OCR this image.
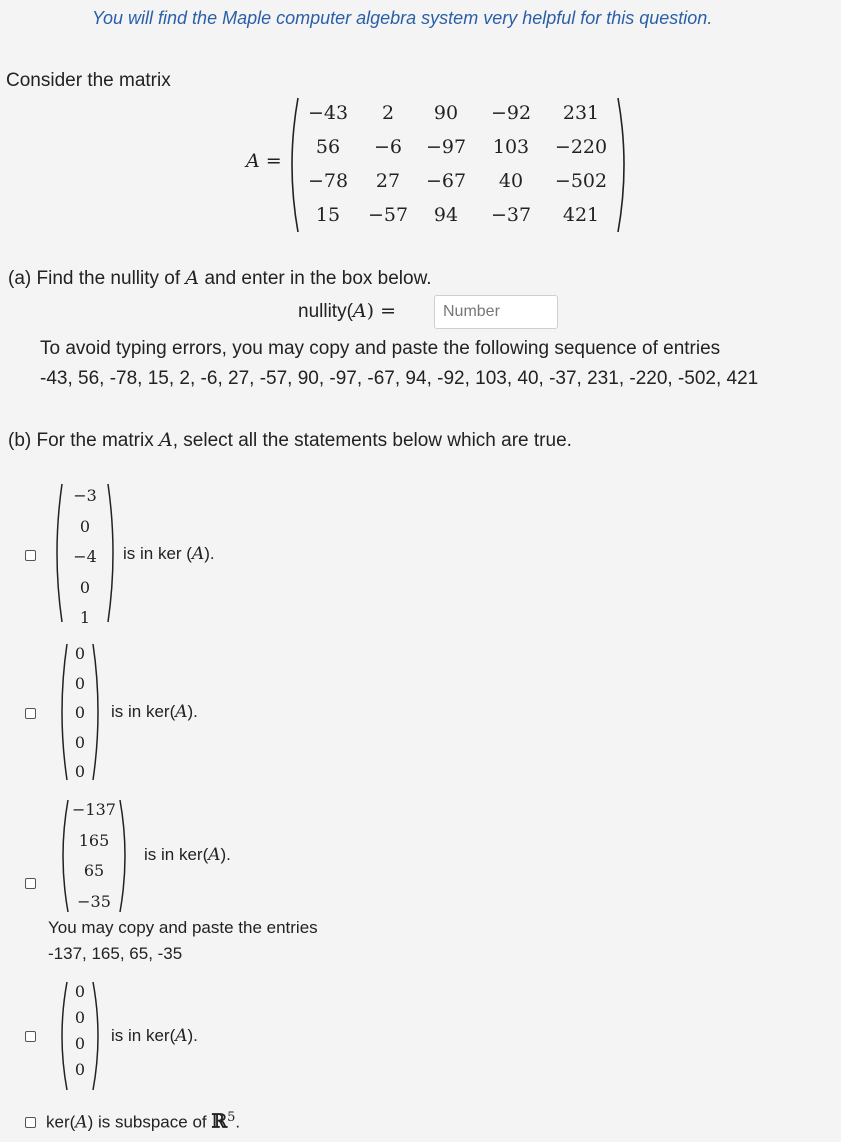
You will find the Maple computer algebra system very helpful for this question.
Consider the matrix
A =
−43	2	90	−92	231
56	−6	−97	103	−220
−78	27	−67	40	−502
15	−57	94	−37	421
(a) Find the nullity of A and enter in the box below.
nullity(A) =
Number
To avoid typing errors, you may copy and paste the following sequence of entries
-43, 56, -78, 15, 2, -6, 27, -57, 90, -97, -67, 94, -92, 103, 40, -37, 231, -220, -502, 421
(b) For the matrix A, select all the statements below which are true.
−3
0
−4
0
1
is in ker (A).
0
0
0
0
0
is in ker(A).
−137
165
65
−35
is in ker(A).
You may copy and paste the entries
-137, 165, 65, -35
0
0
0
0
is in ker(A).
ker(A) is subspace of ℝ$^5$.
